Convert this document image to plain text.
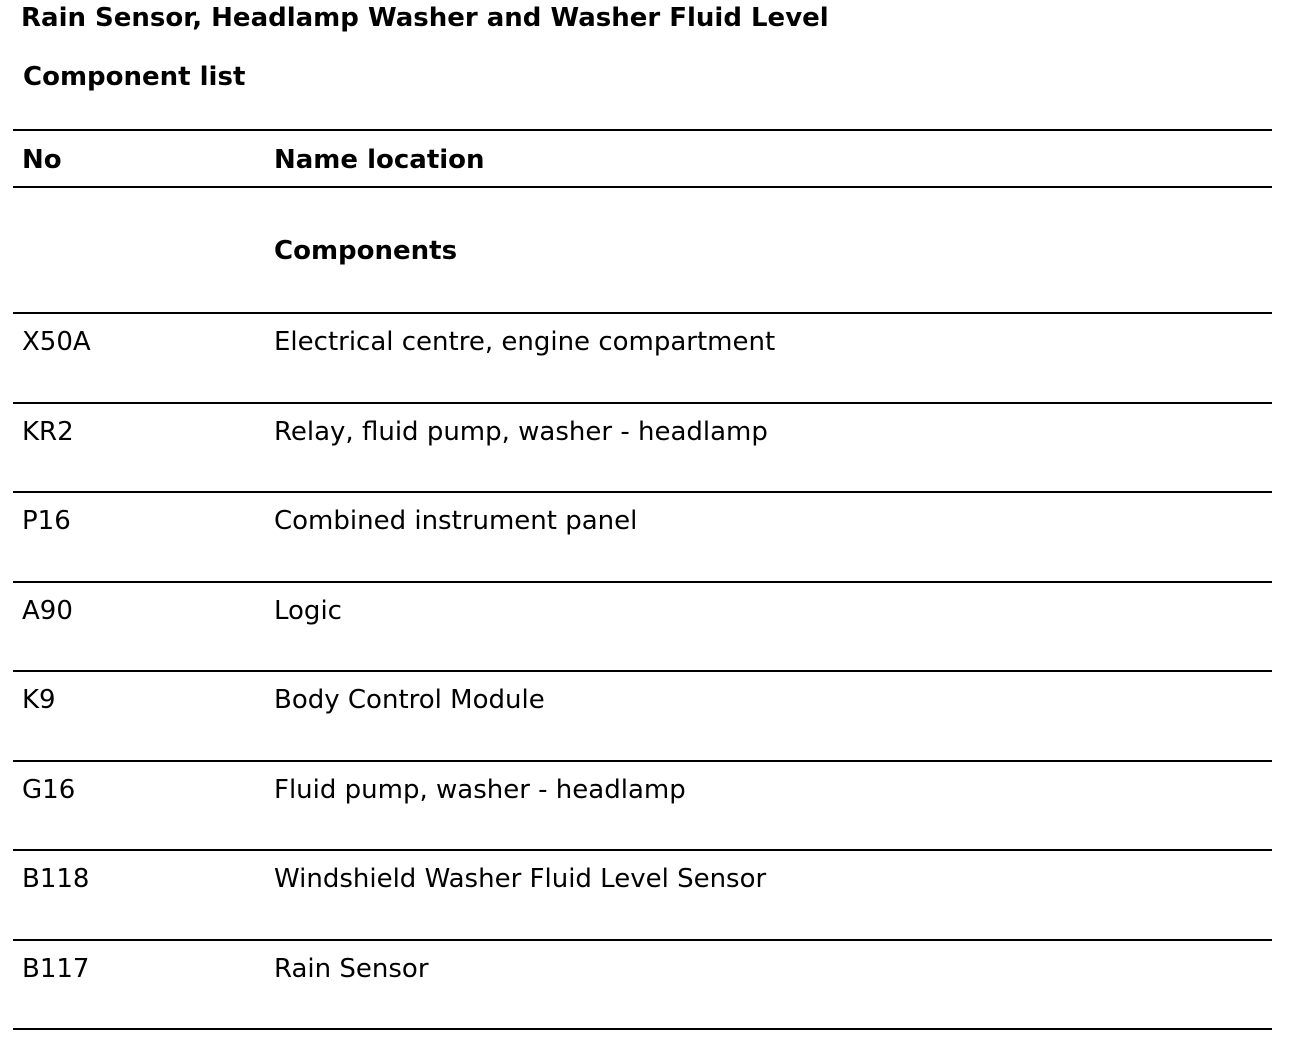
Rain Sensor, Headlamp Washer and Washer Fluid Level
Component list
No	Name location
Components
X50A	Electrical centre, engine compartment
KR2	Relay, fluid pump, washer - headlamp
P16	Combined instrument panel
A90	Logic
K9	Body Control Module
G16	Fluid pump, washer - headlamp
B118	Windshield Washer Fluid Level Sensor
B117	Rain Sensor
